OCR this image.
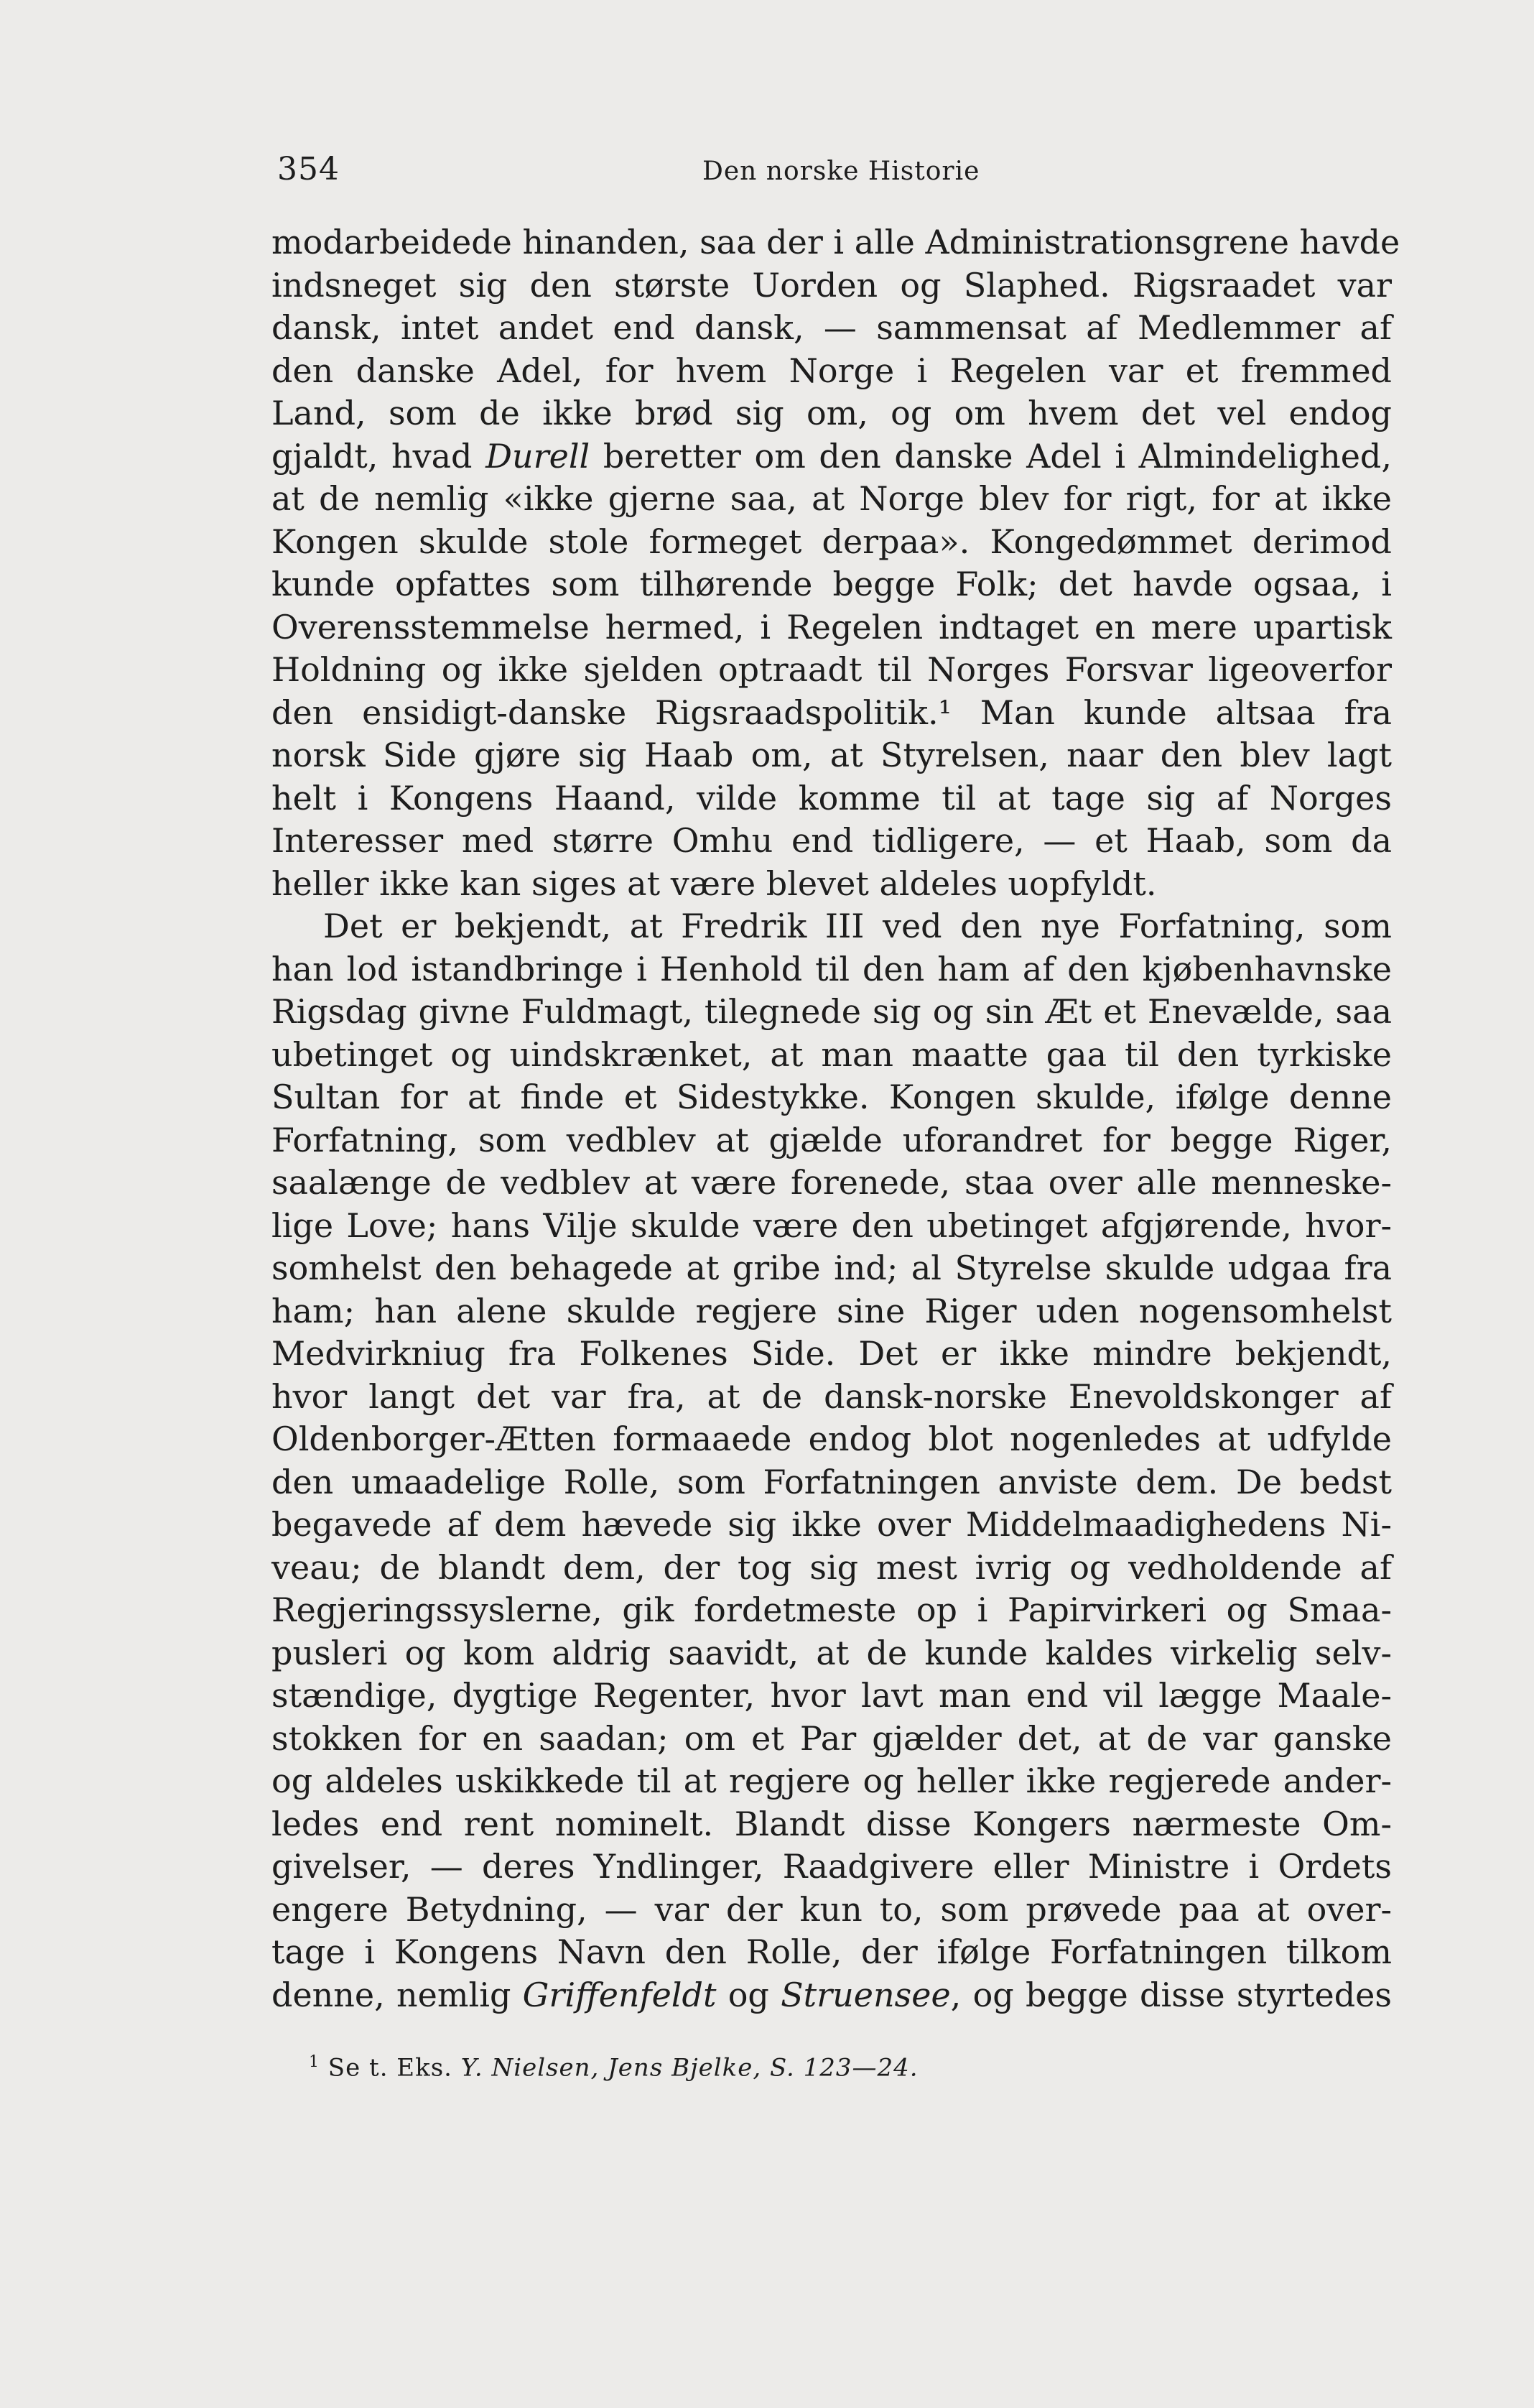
354	Den norske Historie
modarbeidede hinanden, saa der i alle Administrationsgrene havde
indsneget sig den største Uorden og Slaphed. Rigsraadet var
dansk, intet andet end dansk, — sammensat af Medlemmer af
den danske Adel, for hvem Norge i Regelen var et fremmed
Land, som de ikke brød sig om, og om hvem det vel endog
gjaldt, hvad Durell beretter om den danske Adel i Almindelighed,
at de nemlig «ikke gjerne saa, at Norge blev for rigt, for at ikke
Kongen skulde stole formeget derpaa». Kongedømmet derimod
kunde opfattes som tilhørende begge Folk; det havde ogsaa, i
Overensstemmelse hermed, i Regelen indtaget en mere upartisk
Holdning og ikke sjelden optraadt til Norges Forsvar ligeoverfor
den ensidigt-danske Rigsraadspolitik.¹ Man kunde altsaa fra
norsk Side gjøre sig Haab om, at Styrelsen, naar den blev lagt
helt i Kongens Haand, vilde komme til at tage sig af Norges
Interesser med større Omhu end tidligere, — et Haab, som da
heller ikke kan siges at være blevet aldeles uopfyldt.
Det er bekjendt, at Fredrik III ved den nye Forfatning, som
han lod istandbringe i Henhold til den ham af den kjøbenhavnske
Rigsdag givne Fuldmagt, tilegnede sig og sin Æt et Enevælde, saa
ubetinget og uindskrænket, at man maatte gaa til den tyrkiske
Sultan for at finde et Sidestykke. Kongen skulde, ifølge denne
Forfatning, som vedblev at gjælde uforandret for begge Riger,
saalænge de vedblev at være forenede, staa over alle menneske-
lige Love; hans Vilje skulde være den ubetinget afgjørende, hvor-
somhelst den behagede at gribe ind; al Styrelse skulde udgaa fra
ham; han alene skulde regjere sine Riger uden nogensomhelst
Medvirkniug fra Folkenes Side. Det er ikke mindre bekjendt,
hvor langt det var fra, at de dansk-norske Enevoldskonger af
Oldenborger-Ætten formaaede endog blot nogenledes at udfylde
den umaadelige Rolle, som Forfatningen anviste dem. De bedst
begavede af dem hævede sig ikke over Middelmaadighedens Ni-
veau; de blandt dem, der tog sig mest ivrig og vedholdende af
Regjeringssyslerne, gik fordetmeste op i Papirvirkeri og Smaa-
pusleri og kom aldrig saavidt, at de kunde kaldes virkelig selv-
stændige, dygtige Regenter, hvor lavt man end vil lægge Maale-
stokken for en saadan; om et Par gjælder det, at de var ganske
og aldeles uskikkede til at regjere og heller ikke regjerede ander-
ledes end rent nominelt. Blandt disse Kongers nærmeste Om-
givelser, — deres Yndlinger, Raadgivere eller Ministre i Ordets
engere Betydning, — var der kun to, som prøvede paa at over-
tage i Kongens Navn den Rolle, der ifølge Forfatningen tilkom
denne, nemlig Griffenfeldt og Struensee, og begge disse styrtedes
$^1$ Se t. Eks. Y. Nielsen, Jens Bjelke, S. 123—24.
